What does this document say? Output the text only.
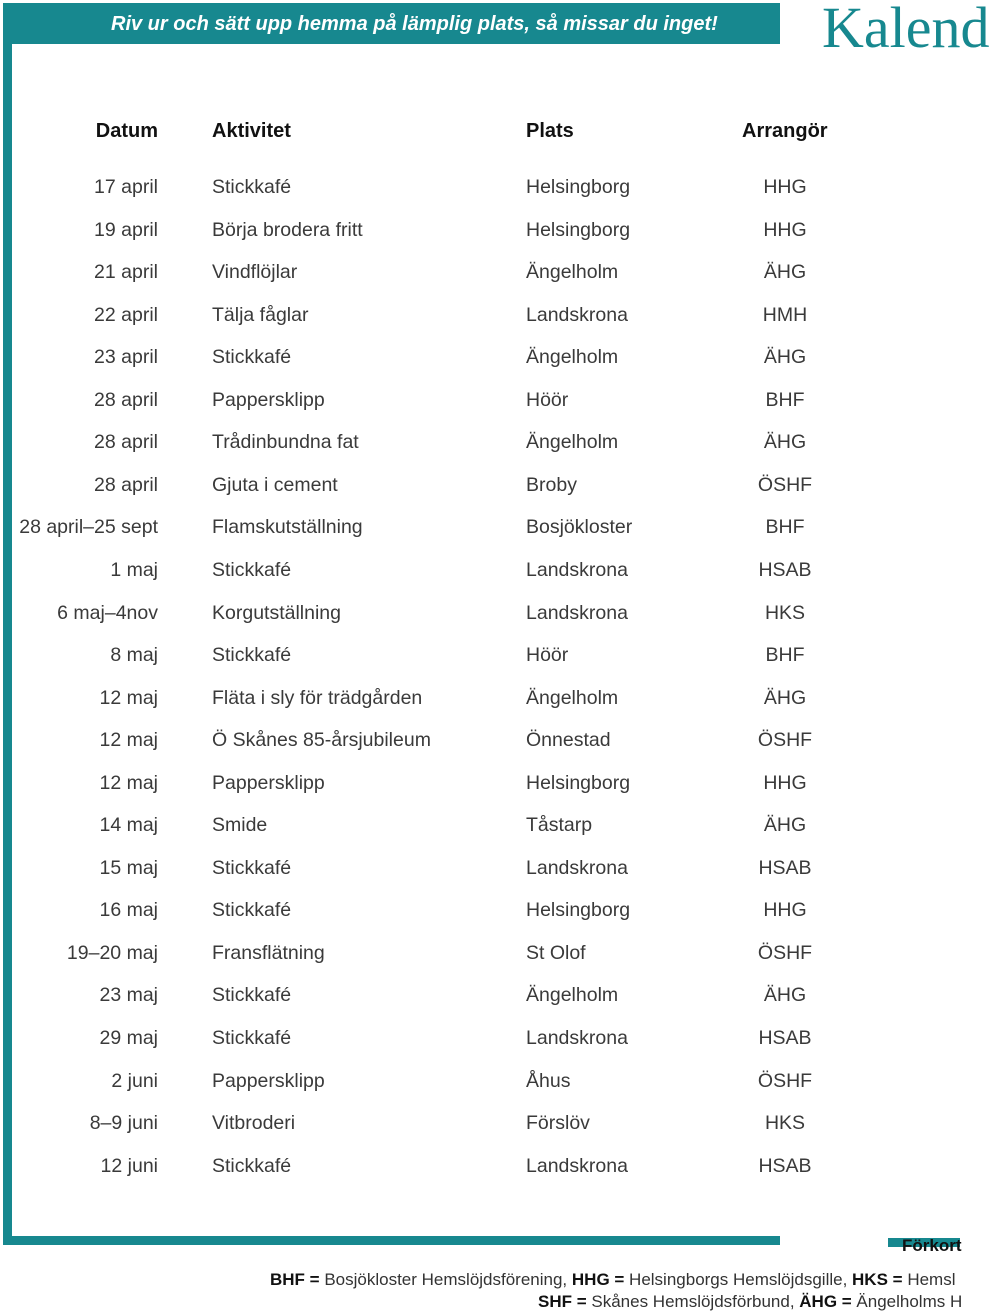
Riv ur och sätt upp hemma på lämplig plats, så missar du inget! Kalend
Datum	Aktivitet	Plats	Arrangör
17 april	Stickkafé	Helsingborg	HHG
19 april	Börja brodera fritt	Helsingborg	HHG
21 april	Vindflöjlar	Ängelholm	ÄHG
22 april	Tälja fåglar	Landskrona	HMH
23 april	Stickkafé	Ängelholm	ÄHG
28 april	Pappersklipp	Höör	BHF
28 april	Trådinbundna fat	Ängelholm	ÄHG
28 april	Gjuta i cement	Broby	ÖSHF
28 april–25 sept	Flamskutställning	Bosjökloster	BHF
1 maj	Stickkafé	Landskrona	HSAB
6 maj–4nov	Korgutställning	Landskrona	HKS
8 maj	Stickkafé	Höör	BHF
12 maj	Fläta i sly för trädgården	Ängelholm	ÄHG
12 maj	Ö Skånes 85-årsjubileum	Önnestad	ÖSHF
12 maj	Pappersklipp	Helsingborg	HHG
14 maj	Smide	Tåstarp	ÄHG
15 maj	Stickkafé	Landskrona	HSAB
16 maj	Stickkafé	Helsingborg	HHG
19–20 maj	Fransflätning	St Olof	ÖSHF
23 maj	Stickkafé	Ängelholm	ÄHG
29 maj	Stickkafé	Landskrona	HSAB
2 juni	Pappersklipp	Åhus	ÖSHF
8–9 juni	Vitbroderi	Förslöv	HKS
12 juni	Stickkafé	Landskrona	HSAB
Förkort
BHF = Bosjökloster Hemslöjdsförening, HHG = Helsingborgs Hemslöjdsgille, HKS = Hemsl
SHF = Skånes Hemslöjdsförbund, ÄHG = Ängelholms H
